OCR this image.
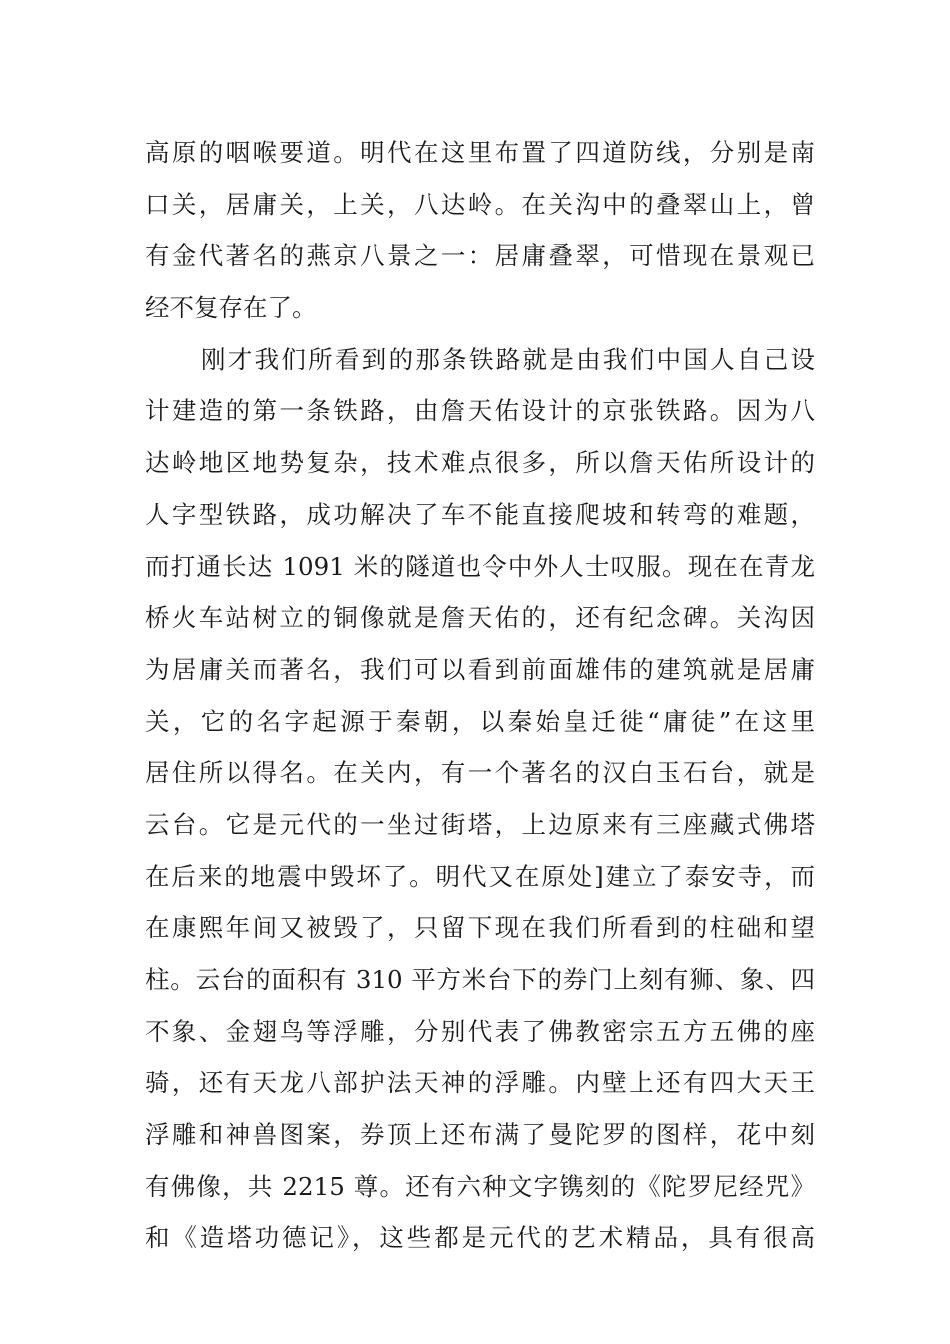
高原的咽喉要道。明代在这里布置了四道防线，分别是南
口关，居庸关，上关，八达岭。在关沟中的叠翠山上，曾
有金代著名的燕京八景之一：居庸叠翠，可惜现在景观已
经不复存在了。
刚才我们所看到的那条铁路就是由我们中国人自己设
计建造的第一条铁路，由詹天佑设计的京张铁路。因为八
达岭地区地势复杂，技术难点很多，所以詹天佑所设计的
人字型铁路，成功解决了车不能直接爬坡和转弯的难题，
而打通长达 1091 米的隧道也令中外人士叹服。现在在青龙
桥火车站树立的铜像就是詹天佑的，还有纪念碑。关沟因
为居庸关而著名，我们可以看到前面雄伟的建筑就是居庸
关，它的名字起源于秦朝，以秦始皇迁徙“庸徒”在这里
居住所以得名。在关内，有一个著名的汉白玉石台，就是
云台。它是元代的一坐过街塔，上边原来有三座藏式佛塔
在后来的地震中毁坏了。明代又在原处]建立了泰安寺，而
在康熙年间又被毁了，只留下现在我们所看到的柱础和望
柱。云台的面积有 310 平方米台下的券门上刻有狮、象、四
不象、金翅鸟等浮雕，分别代表了佛教密宗五方五佛的座
骑，还有天龙八部护法天神的浮雕。内壁上还有四大天王
浮雕和神兽图案，券顶上还布满了曼陀罗的图样，花中刻
有佛像，共 2215 尊。还有六种文字镌刻的《陀罗尼经咒》
和《造塔功德记》，这些都是元代的艺术精品，具有很高
